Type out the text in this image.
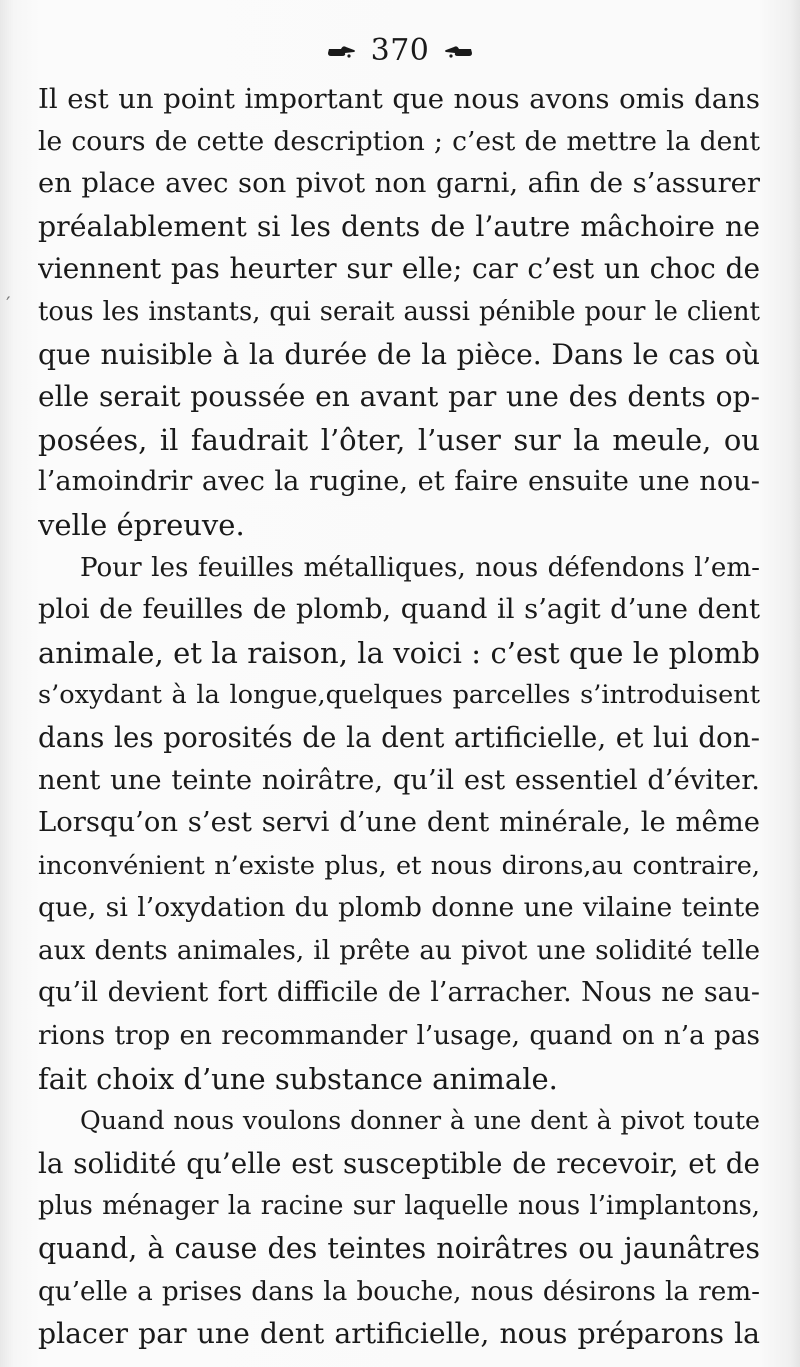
370
′
Il est un point important que nous avons omis dans
le cours de cette description ; c’est de mettre la dent
en place avec son pivot non garni, afin de s’assurer
préalablement si les dents de l’autre mâchoire ne
viennent pas heurter sur elle; car c’est un choc de
tous les instants, qui serait aussi pénible pour le client
que nuisible à la durée de la pièce. Dans le cas où
elle serait poussée en avant par une des dents op-
posées, il faudrait l’ôter, l’user sur la meule, ou
l’amoindrir avec la rugine, et faire ensuite une nou-
velle épreuve.
Pour les feuilles métalliques, nous défendons l’em-
ploi de feuilles de plomb, quand il s’agit d’une dent
animale, et la raison, la voici : c’est que le plomb
s’oxydant à la longue,quelques parcelles s’introduisent
dans les porosités de la dent artificielle, et lui don-
nent une teinte noirâtre, qu’il est essentiel d’éviter.
Lorsqu’on s’est servi d’une dent minérale, le même
inconvénient n’existe plus, et nous dirons,au contraire,
que, si l’oxydation du plomb donne une vilaine teinte
aux dents animales, il prête au pivot une solidité telle
qu’il devient fort difficile de l’arracher. Nous ne sau-
rions trop en recommander l’usage, quand on n’a pas
fait choix d’une substance animale.
Quand nous voulons donner à une dent à pivot toute
la solidité qu’elle est susceptible de recevoir, et de
plus ménager la racine sur laquelle nous l’implantons,
quand, à cause des teintes noirâtres ou jaunâtres
qu’elle a prises dans la bouche, nous désirons la rem-
placer par une dent artificielle, nous préparons la
